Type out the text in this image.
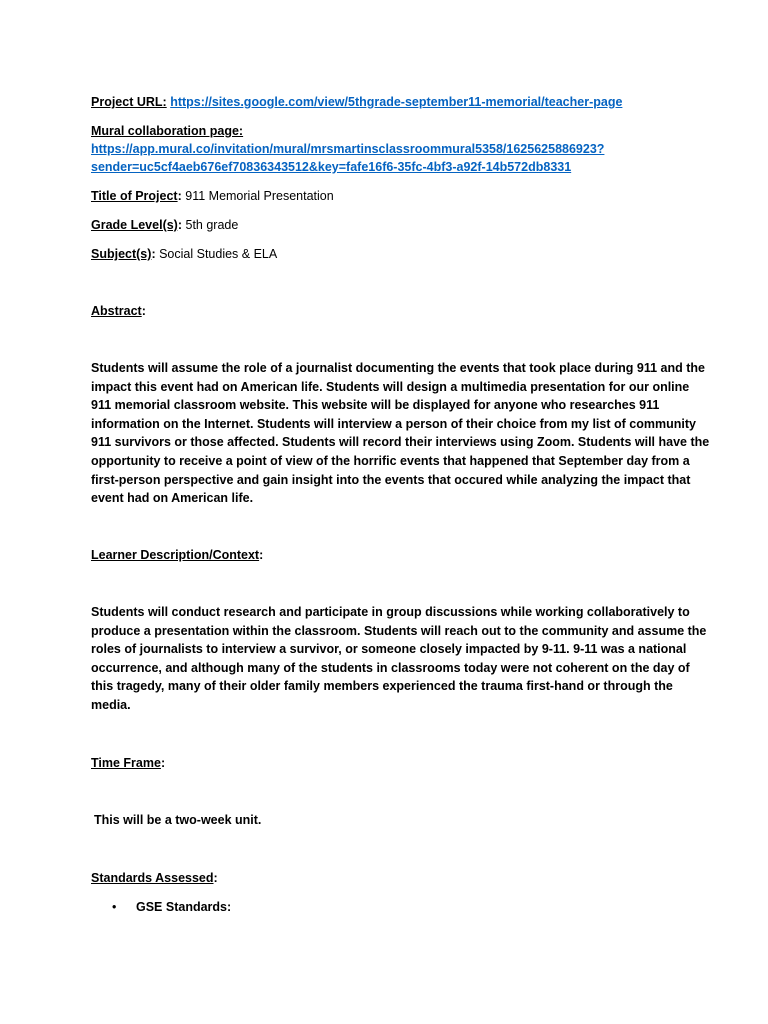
Project URL: https://sites.google.com/view/5thgrade-september11-memorial/teacher-page
Mural collaboration page:
https://app.mural.co/invitation/mural/mrsmartinsclassroommural5358/1625625886923?
sender=uc5cf4aeb676ef70836343512&key=fafe16f6-35fc-4bf3-a92f-14b572db8331
Title of Project: 911 Memorial Presentation
Grade Level(s): 5th grade
Subject(s): Social Studies & ELA
Abstract:
Students will assume the role of a journalist documenting the events that took place during 911 and the
impact this event had on American life. Students will design a multimedia presentation for our online
911 memorial classroom website. This website will be displayed for anyone who researches 911
information on the Internet. Students will interview a person of their choice from my list of community
911 survivors or those affected. Students will record their interviews using Zoom. Students will have the
opportunity to receive a point of view of the horrific events that happened that September day from a
first-person perspective and gain insight into the events that occured while analyzing the impact that
event had on American life.
Learner Description/Context:
Students will conduct research and participate in group discussions while working collaboratively to
produce a presentation within the classroom. Students will reach out to the community and assume the
roles of journalists to interview a survivor, or someone closely impacted by 9-11. 9-11 was a national
occurrence, and although many of the students in classrooms today were not coherent on the day of
this tragedy, many of their older family members experienced the trauma first-hand or through the
media.
Time Frame:
This will be a two-week unit.
Standards Assessed:
• GSE Standards:
